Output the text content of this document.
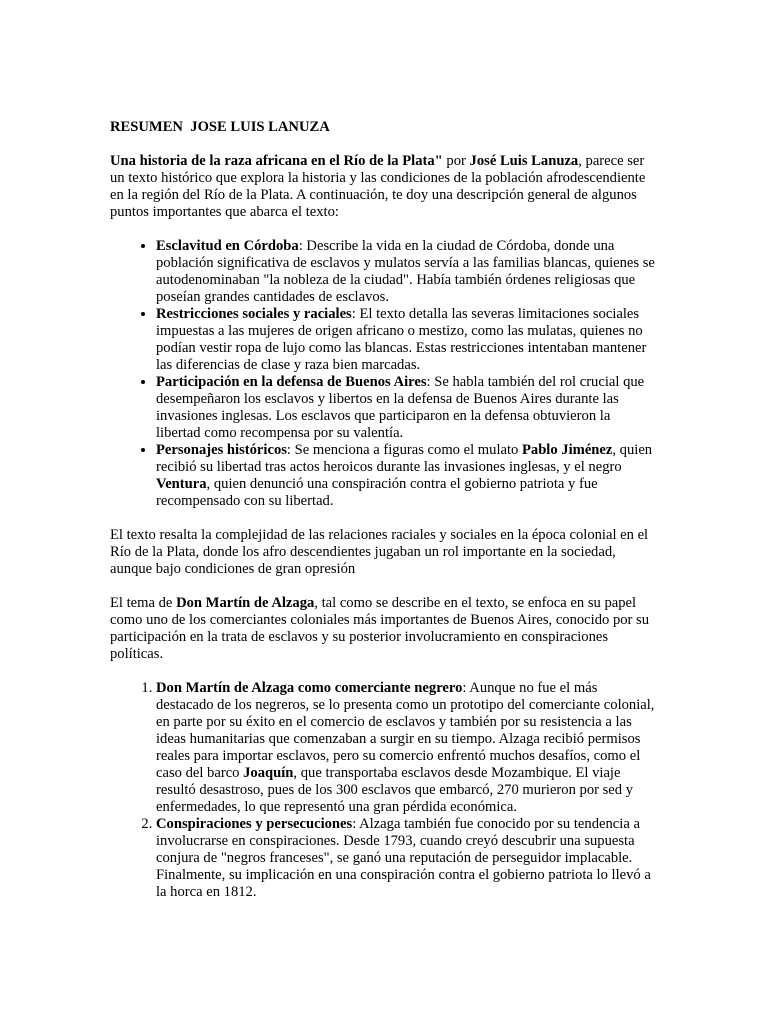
RESUMEN  JOSE LUIS LANUZA

Una historia de la raza africana en el Río de la Plata" por José Luis Lanuza, parece ser un texto histórico que explora la historia y las condiciones de la población afrodescendiente en la región del Río de la Plata. A continuación, te doy una descripción general de algunos puntos importantes que abarca el texto:

• Esclavitud en Córdoba: Describe la vida en la ciudad de Córdoba, donde una población significativa de esclavos y mulatos servía a las familias blancas, quienes se autodenominaban "la nobleza de la ciudad". Había también órdenes religiosas que poseían grandes cantidades de esclavos.
• Restricciones sociales y raciales: El texto detalla las severas limitaciones sociales impuestas a las mujeres de origen africano o mestizo, como las mulatas, quienes no podían vestir ropa de lujo como las blancas. Estas restricciones intentaban mantener las diferencias de clase y raza bien marcadas.
• Participación en la defensa de Buenos Aires: Se habla también del rol crucial que desempeñaron los esclavos y libertos en la defensa de Buenos Aires durante las invasiones inglesas. Los esclavos que participaron en la defensa obtuvieron la libertad como recompensa por su valentía.
• Personajes históricos: Se menciona a figuras como el mulato Pablo Jiménez, quien recibió su libertad tras actos heroicos durante las invasiones inglesas, y el negro Ventura, quien denunció una conspiración contra el gobierno patriota y fue recompensado con su libertad.

El texto resalta la complejidad de las relaciones raciales y sociales en la época colonial en el Río de la Plata, donde los afro descendientes jugaban un rol importante en la sociedad, aunque bajo condiciones de gran opresión

El tema de Don Martín de Alzaga, tal como se describe en el texto, se enfoca en su papel como uno de los comerciantes coloniales más importantes de Buenos Aires, conocido por su participación en la trata de esclavos y su posterior involucramiento en conspiraciones políticas.

1. Don Martín de Alzaga como comerciante negrero: Aunque no fue el más destacado de los negreros, se lo presenta como un prototipo del comerciante colonial, en parte por su éxito en el comercio de esclavos y también por su resistencia a las ideas humanitarias que comenzaban a surgir en su tiempo. Alzaga recibió permisos reales para importar esclavos, pero su comercio enfrentó muchos desafíos, como el caso del barco Joaquín, que transportaba esclavos desde Mozambique. El viaje resultó desastroso, pues de los 300 esclavos que embarcó, 270 murieron por sed y enfermedades, lo que representó una gran pérdida económica.
2. Conspiraciones y persecuciones: Alzaga también fue conocido por su tendencia a involucrarse en conspiraciones. Desde 1793, cuando creyó descubrir una supuesta conjura de "negros franceses", se ganó una reputación de perseguidor implacable. Finalmente, su implicación en una conspiración contra el gobierno patriota lo llevó a la horca en 1812.
